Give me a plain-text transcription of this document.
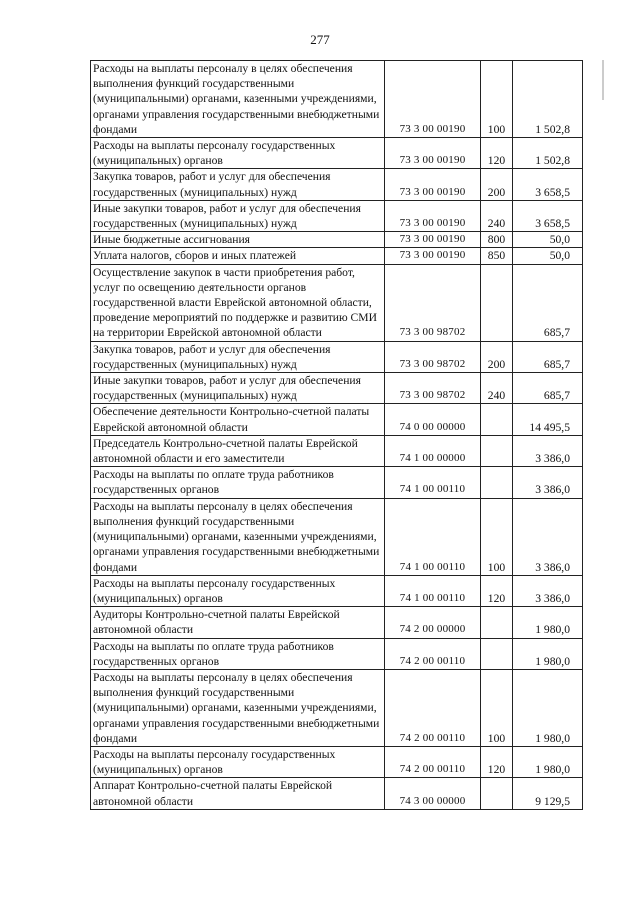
277
Расходы на выплаты персоналу в целях обеспечения выполнения функций государственными (муниципальными) органами, казенными учреждениями, органами управления государственными внебюджетными фондами	73 3 00 00190	100	1 502,8
Расходы на выплаты персоналу государственных (муниципальных) органов	73 3 00 00190	120	1 502,8
Закупка товаров, работ и услуг для обеспечения государственных (муниципальных) нужд	73 3 00 00190	200	3 658,5
Иные закупки товаров, работ и услуг для обеспечения государственных (муниципальных) нужд	73 3 00 00190	240	3 658,5
Иные бюджетные ассигнования	73 3 00 00190	800	50,0
Уплата налогов, сборов и иных платежей	73 3 00 00190	850	50,0
Осуществление закупок в части приобретения работ, услуг по освещению деятельности органов государственной власти Еврейской автономной области, проведение мероприятий по поддержке и развитию СМИ на территории Еврейской автономной области	73 3 00 98702		685,7
Закупка товаров, работ и услуг для обеспечения государственных (муниципальных) нужд	73 3 00 98702	200	685,7
Иные закупки товаров, работ и услуг для обеспечения государственных (муниципальных) нужд	73 3 00 98702	240	685,7
Обеспечение деятельности Контрольно-счетной палаты Еврейской автономной области	74 0 00 00000		14 495,5
Председатель Контрольно-счетной палаты Еврейской автономной области и его заместители	74 1 00 00000		3 386,0
Расходы на выплаты по оплате труда работников государственных органов	74 1 00 00110		3 386,0
Расходы на выплаты персоналу в целях обеспечения выполнения функций государственными (муниципальными) органами, казенными учреждениями, органами управления государственными внебюджетными фондами	74 1 00 00110	100	3 386,0
Расходы на выплаты персоналу государственных (муниципальных) органов	74 1 00 00110	120	3 386,0
Аудиторы Контрольно-счетной палаты Еврейской автономной области	74 2 00 00000		1 980,0
Расходы на выплаты по оплате труда работников государственных органов	74 2 00 00110		1 980,0
Расходы на выплаты персоналу в целях обеспечения выполнения функций государственными (муниципальными) органами, казенными учреждениями, органами управления государственными внебюджетными фондами	74 2 00 00110	100	1 980,0
Расходы на выплаты персоналу государственных (муниципальных) органов	74 2 00 00110	120	1 980,0
Аппарат Контрольно-счетной палаты Еврейской автономной области	74 3 00 00000		9 129,5
